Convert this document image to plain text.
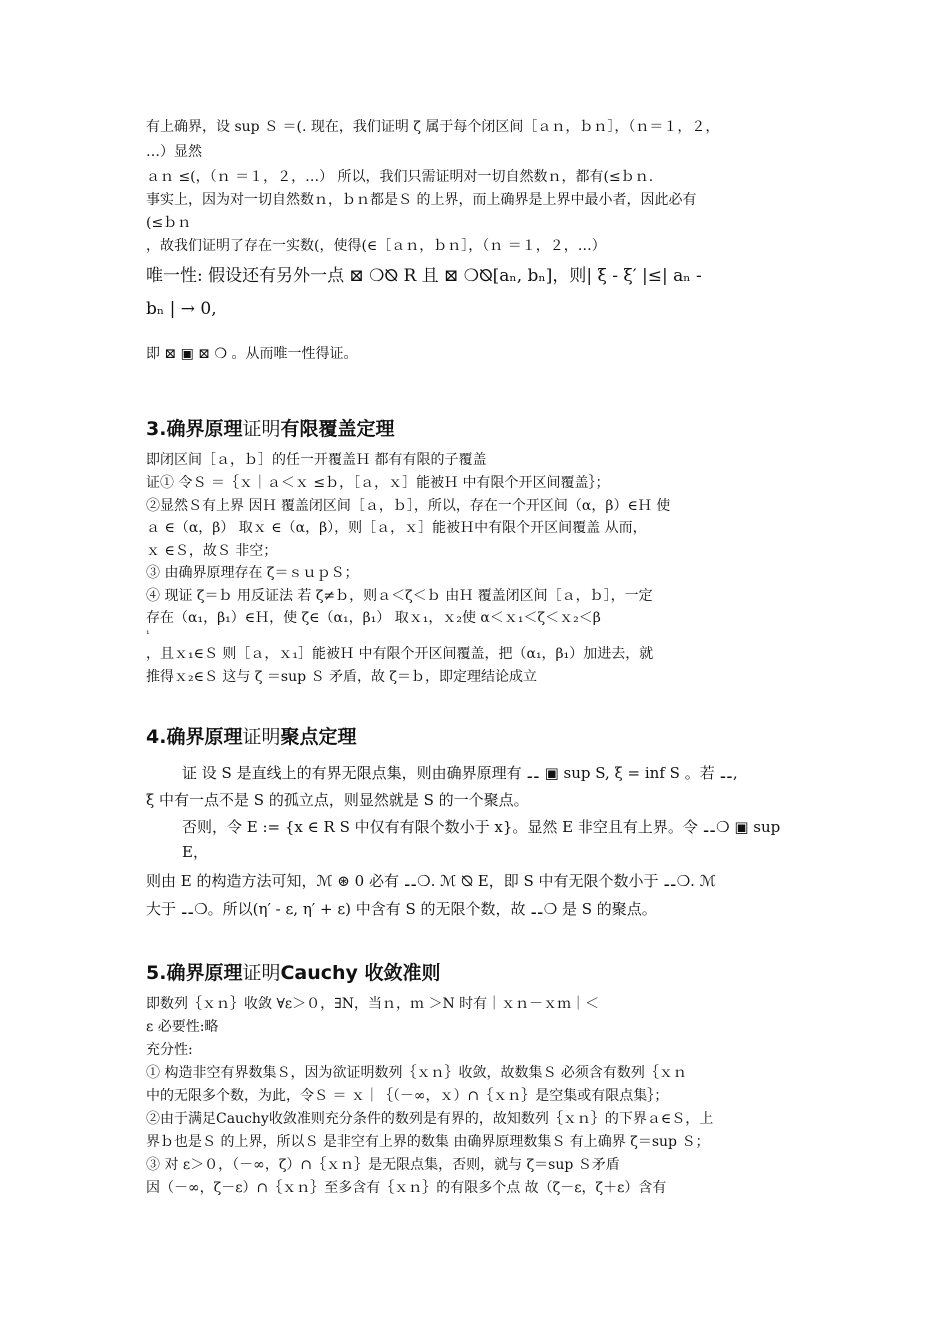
有上确界，设 sup Ｓ ＝(. 现在，我们证明 ζ 属于每个闭区间［ａｎ，ｂｎ］，（ｎ＝１，２，
…）显然
ａｎ ≤(，（ｎ ＝１，２，…） 所以，我们只需证明对一切自然数ｎ，都有(≤ｂｎ.
事实上，因为对一切自然数ｎ，ｂｎ都是Ｓ 的上界，而上确界是上界中最小者，因此必有
(≤ｂｎ
，故我们证明了存在一实数(，使得(∈［ａｎ，ｂｎ］，（ｎ ＝１，２，…）
唯一性: 假设还有另外一点 ⊠ ❍⦰ R 且 ⊠ ❍⦰[aₙ, bₙ]，则| ξ - ξ′ |≤| aₙ -
bₙ | → 0,
即 ⊠ ▣ ⊠ ❍ 。从而唯一性得证。
3.确界原理证明有限覆盖定理
即闭区间［ａ，ｂ］的任一开覆盖Ｈ 都有有限的子覆盖
证① 令Ｓ ＝｛ｘ｜ａ＜ｘ ≤ｂ，［ａ，ｘ］能被Ｈ 中有限个开区间覆盖｝；
②显然Ｓ有上界 因Ｈ 覆盖闭区间［ａ，ｂ］，所以，存在一个开区间（α，β）∈Ｈ 使
ａ ∈（α，β） 取ｘ ∈（α，β），则［ａ，ｘ］能被Ｈ中有限个开区间覆盖 从而，
ｘ ∈Ｓ，故Ｓ 非空；
③ 由确界原理存在 ζ＝ｓｕｐＳ；
④ 现证 ζ＝ｂ 用反证法 若 ζ≠ｂ，则ａ＜ζ＜ｂ 由Ｈ 覆盖闭区间［ａ，ｂ］，一定
存在（α₁，β₁）∈Ｈ，使 ζ∈（α₁，β₁） 取ｘ₁，ｘ₂使 α＜ｘ₁＜ζ＜ｘ₂＜β
₁
，且ｘ₁∈Ｓ 则［ａ，ｘ₁］能被Ｈ 中有限个开区间覆盖，把（α₁，β₁）加进去，就
推得ｘ₂∈Ｓ 这与 ζ ＝sup Ｓ 矛盾，故 ζ＝ｂ，即定理结论成立
4.确界原理证明聚点定理
证 设 S 是直线上的有界无限点集，则由确界原理有 ⚋ ▣ sup S, ξ = inf S 。若 ⚋,
ξ 中有一点不是 S 的孤立点，则显然就是 S 的一个聚点。
否则，令 E := {x ∈ R S 中仅有有限个数小于 x}。显然 E 非空且有上界。令 ⚋❍ ▣ sup
E，
则由 E 的构造方法可知，ℳ ⊛ 0 必有 ⚋❍. ℳ ⦰ E，即 S 中有无限个数小于 ⚋❍. ℳ
大于 ⚋❍。所以(η′ - ε, η′ + ε) 中含有 S 的无限个数，故 ⚋❍ 是 S 的聚点。
5.确界原理证明Cauchy 收敛准则
即数列｛ｘｎ｝收敛 ∀ε＞０，∃N，当ｎ，ｍ ＞N 时有｜ｘｎ－ｘｍ｜＜
ε 必要性:略
充分性:
① 构造非空有界数集Ｓ，因为欲证明数列｛ｘｎ｝收敛，故数集Ｓ 必须含有数列｛ｘｎ
中的无限多个数，为此，令Ｓ ＝ ｘ｜｛（－∞，ｘ）∩｛ｘｎ｝是空集或有限点集｝；
②由于满足Cauchy收敛准则充分条件的数列是有界的，故知数列｛ｘｎ｝的下界ａ∈Ｓ，上
界ｂ也是Ｓ 的上界，所以Ｓ 是非空有上界的数集 由确界原理数集Ｓ 有上确界 ζ＝sup Ｓ；
③ 对 ε＞０，（－∞，ζ）∩｛ｘｎ｝是无限点集，否则，就与 ζ＝sup Ｓ矛盾
因（－∞，ζ－ε）∩｛ｘｎ｝至多含有｛ｘｎ｝的有限多个点 故（ζ－ε，ζ＋ε）含有
